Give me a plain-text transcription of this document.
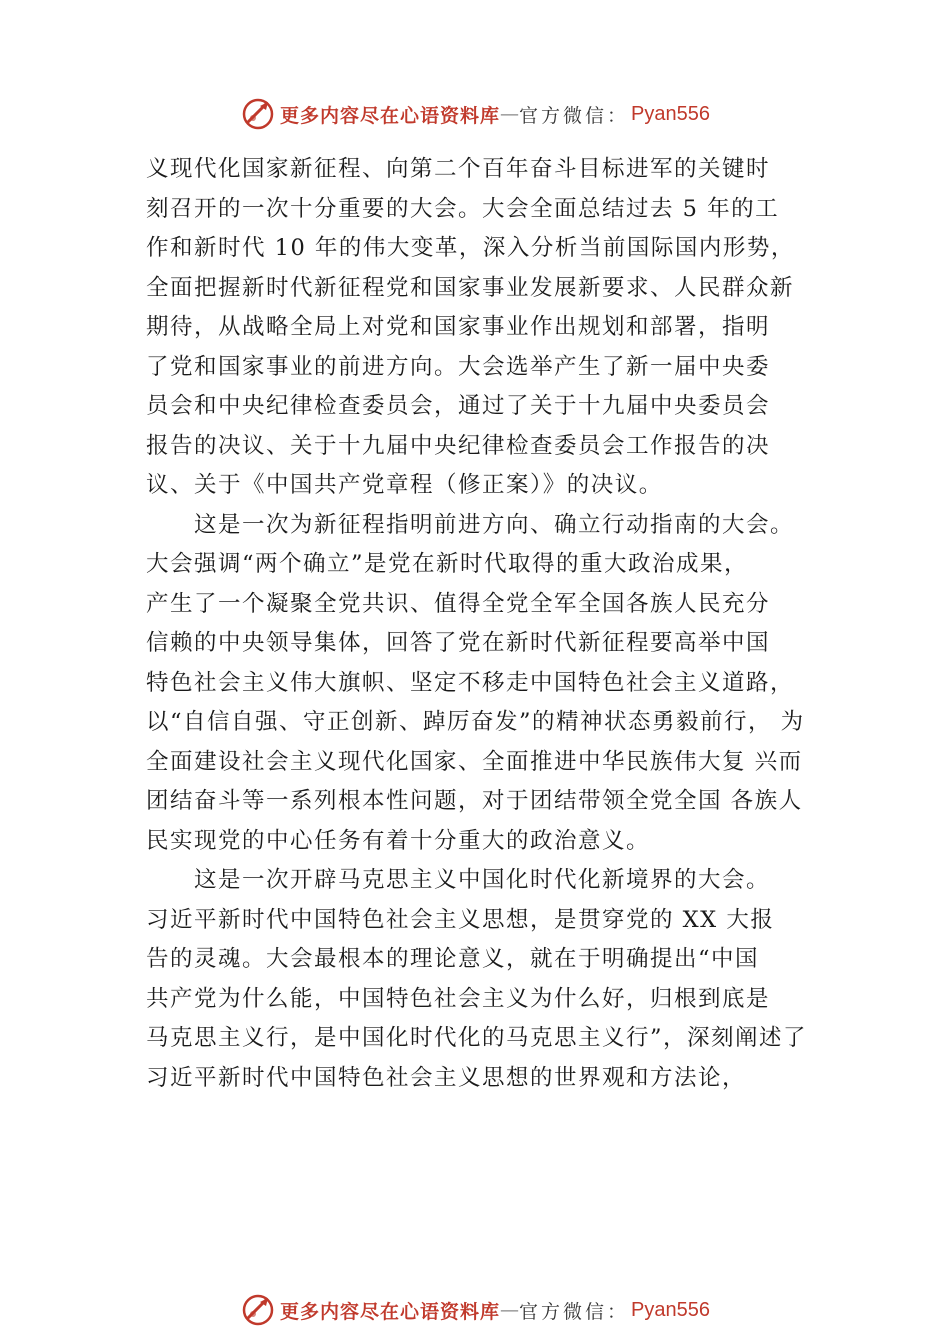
更多内容尽在心语资料库 — 官方微信： Pyan556

义现代化国家新征程、向第二个百年奋斗目标进军的关键时

刻召开的一次十分重要的大会。大会全面总结过去 5 年的工

作和新时代 10 年的伟大变革，深入分析当前国际国内形势，

全面把握新时代新征程党和国家事业发展新要求、人民群众新

期待，从战略全局上对党和国家事业作出规划和部署，指明

了党和国家事业的前进方向。大会选举产生了新一届中央委

员会和中央纪律检查委员会，通过了关于十九届中央委员会

报告的决议、关于十九届中央纪律检查委员会工作报告的决

议、关于《中国共产党章程（修正案）》的决议。

这是一次为新征程指明前进方向、确立行动指南的大会。

大会强调“两个确立”是党在新时代取得的重大政治成果，

产生了一个凝聚全党共识、值得全党全军全国各族人民充分

信赖的中央领导集体，回答了党在新时代新征程要高举中国

特色社会主义伟大旗帜、坚定不移走中国特色社会主义道路，

以“自信自强、守正创新、踔厉奋发”的精神状态勇毅前行， 为

全面建设社会主义现代化国家、全面推进中华民族伟大复 兴而

团结奋斗等一系列根本性问题，对于团结带领全党全国 各族人

民实现党的中心任务有着十分重大的政治意义。

这是一次开辟马克思主义中国化时代化新境界的大会。

习近平新时代中国特色社会主义思想，是贯穿党的 XX 大报

告的灵魂。大会最根本的理论意义，就在于明确提出“中国

共产党为什么能，中国特色社会主义为什么好，归根到底是

马克思主义行，是中国化时代化的马克思主义行”，深刻阐述了

习近平新时代中国特色社会主义思想的世界观和方法论，

更多内容尽在心语资料库 — 官方微信： Pyan556
